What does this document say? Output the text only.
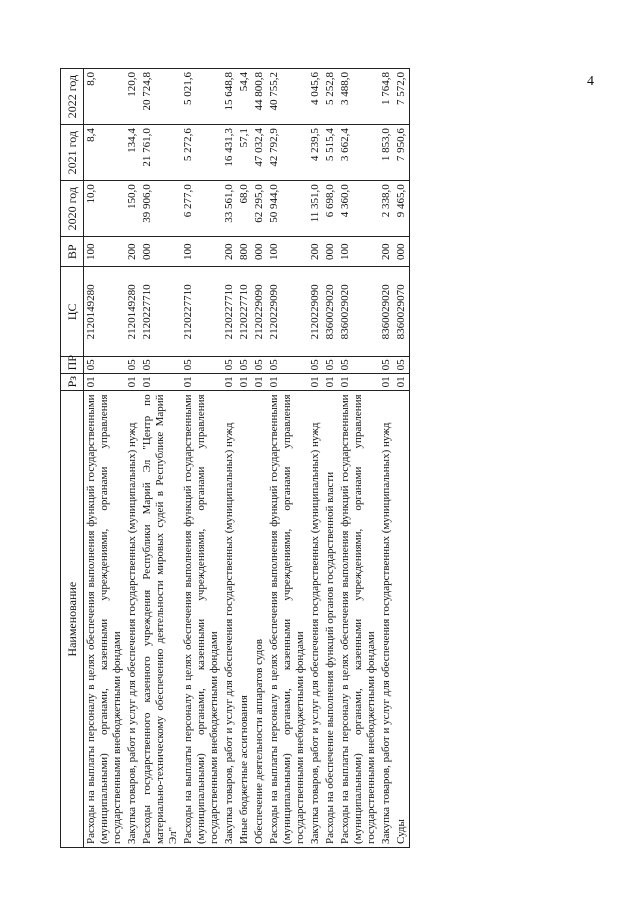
4
Наименование	Рз	ПР	ЦС	ВР	2020 год	2021 год	2022 год
Расходы на выплаты персоналу в целях обеспечения выполнения функций государственными (муниципальными) органами, казенными учреждениями, органами управления государственными внебюджетными фондами	01	05	2120149280	100	10,0	8,4	8,0
Закупка товаров, работ и услуг для обеспечения государственных (муниципальных) нужд	01	05	2120149280	200	150,0	134,4	120,0
Расходы государственного казенного учреждения Республики Марий Эл "Центр по материально-техническому обеспечению деятельности мировых судей в Республике Марий Эл"	01	05	2120227710	000	39 906,0	21 761,0	20 724,8
Расходы на выплаты персоналу в целях обеспечения выполнения функций государственными (муниципальными) органами, казенными учреждениями, органами управления государственными внебюджетными фондами	01	05	2120227710	100	6 277,0	5 272,6	5 021,6
Закупка товаров, работ и услуг для обеспечения государственных (муниципальных) нужд	01	05	2120227710	200	33 561,0	16 431,3	15 648,8
Иные бюджетные ассигнования	01	05	2120227710	800	68,0	57,1	54,4
Обеспечение деятельности аппаратов судов	01	05	2120229090	000	62 295,0	47 032,4	44 800,8
Расходы на выплаты персоналу в целях обеспечения выполнения функций государственными (муниципальными) органами, казенными учреждениями, органами управления государственными внебюджетными фондами	01	05	2120229090	100	50 944,0	42 792,9	40 755,2
Закупка товаров, работ и услуг для обеспечения государственных (муниципальных) нужд	01	05	2120229090	200	11 351,0	4 239,5	4 045,6
Расходы на обеспечение выполнения функций органов государственной власти	01	05	8360029020	000	6 698,0	5 515,4	5 252,8
Расходы на выплаты персоналу в целях обеспечения выполнения функций государственными (муниципальными) органами, казенными учреждениями, органами управления государственными внебюджетными фондами	01	05	8360029020	100	4 360,0	3 662,4	3 488,0
Закупка товаров, работ и услуг для обеспечения государственных (муниципальных) нужд	01	05	8360029020	200	2 338,0	1 853,0	1 764,8
Суды	01	05	8360029070	000	9 465,0	7 950,6	7 572,0
